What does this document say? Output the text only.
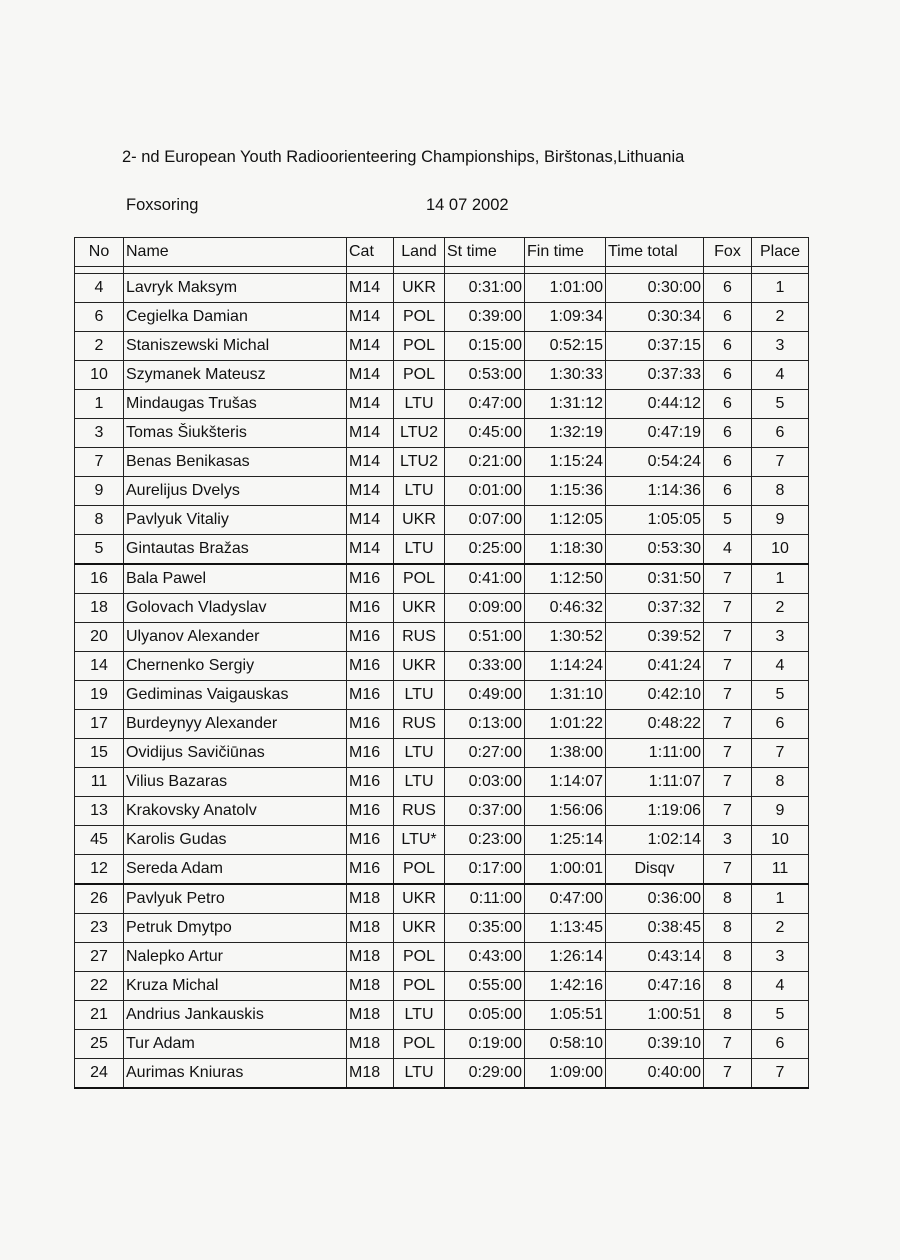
2- nd European Youth Radioorienteering Championships, Birštonas,Lithuania
Foxsoring	14 07 2002
No	Name	Cat	Land	St time	Fin time	Time total	Fox	Place

4	Lavryk Maksym	M14	UKR	0:31:00	1:01:00	0:30:00	6	1
6	Cegielka Damian	M14	POL	0:39:00	1:09:34	0:30:34	6	2
2	Staniszewski Michal	M14	POL	0:15:00	0:52:15	0:37:15	6	3
10	Szymanek Mateusz	M14	POL	0:53:00	1:30:33	0:37:33	6	4
1	Mindaugas Trušas	M14	LTU	0:47:00	1:31:12	0:44:12	6	5
3	Tomas Šiukšteris	M14	LTU2	0:45:00	1:32:19	0:47:19	6	6
7	Benas Benikasas	M14	LTU2	0:21:00	1:15:24	0:54:24	6	7
9	Aurelijus Dvelys	M14	LTU	0:01:00	1:15:36	1:14:36	6	8
8	Pavlyuk Vitaliy	M14	UKR	0:07:00	1:12:05	1:05:05	5	9
5	Gintautas Bražas	M14	LTU	0:25:00	1:18:30	0:53:30	4	10
16	Bala Pawel	M16	POL	0:41:00	1:12:50	0:31:50	7	1
18	Golovach Vladyslav	M16	UKR	0:09:00	0:46:32	0:37:32	7	2
20	Ulyanov Alexander	M16	RUS	0:51:00	1:30:52	0:39:52	7	3
14	Chernenko Sergiy	M16	UKR	0:33:00	1:14:24	0:41:24	7	4
19	Gediminas Vaigauskas	M16	LTU	0:49:00	1:31:10	0:42:10	7	5
17	Burdeynyy Alexander	M16	RUS	0:13:00	1:01:22	0:48:22	7	6
15	Ovidijus Savičiūnas	M16	LTU	0:27:00	1:38:00	1:11:00	7	7
11	Vilius Bazaras	M16	LTU	0:03:00	1:14:07	1:11:07	7	8
13	Krakovsky Anatolv	M16	RUS	0:37:00	1:56:06	1:19:06	7	9
45	Karolis Gudas	M16	LTU*	0:23:00	1:25:14	1:02:14	3	10
12	Sereda Adam	M16	POL	0:17:00	1:00:01	Disqv	7	11
26	Pavlyuk Petro	M18	UKR	0:11:00	0:47:00	0:36:00	8	1
23	Petruk Dmytpo	M18	UKR	0:35:00	1:13:45	0:38:45	8	2
27	Nalepko Artur	M18	POL	0:43:00	1:26:14	0:43:14	8	3
22	Kruza Michal	M18	POL	0:55:00	1:42:16	0:47:16	8	4
21	Andrius Jankauskis	M18	LTU	0:05:00	1:05:51	1:00:51	8	5
25	Tur Adam	M18	POL	0:19:00	0:58:10	0:39:10	7	6
24	Aurimas Kniuras	M18	LTU	0:29:00	1:09:00	0:40:00	7	7
